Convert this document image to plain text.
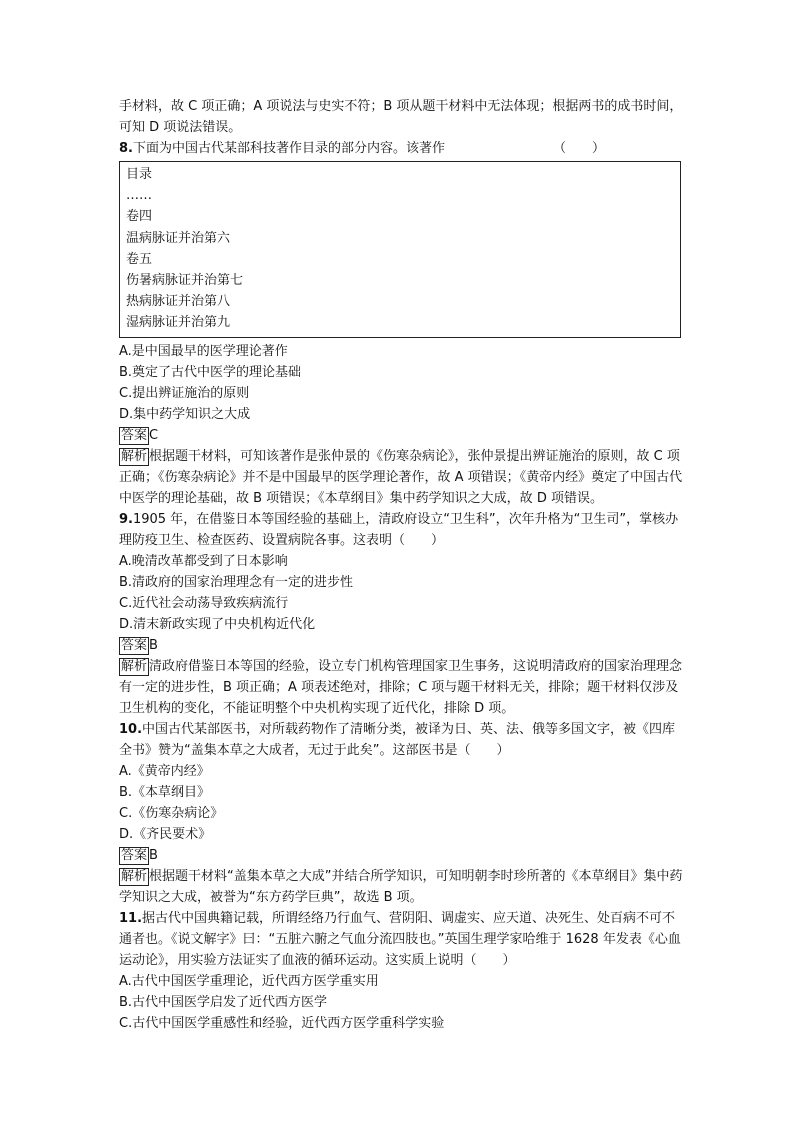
手材料，故 C 项正确；A 项说法与史实不符；B 项从题干材料中无法体现；根据两书的成书时间，

可知 D 项说法错误。

8.下面为中国古代某部科技著作目录的部分内容。该著作	（　　）

目录
……
卷四
温病脉证并治第六
卷五
伤暑病脉证并治第七
热病脉证并治第八
湿病脉证并治第九

A.是中国最早的医学理论著作

B.奠定了古代中医学的理论基础

C.提出辨证施治的原则

D.集中药学知识之大成

答案 C

解析 根据题干材料，可知该著作是张仲景的《伤寒杂病论》，张仲景提出辨证施治的原则，故 C 项正确；《伤寒杂病论》并不是中国最早的医学理论著作，故 A 项错误；《黄帝内经》奠定了中国古代中医学的理论基础，故 B 项错误；《本草纲目》集中药学知识之大成，故 D 项错误。

9.1905 年，在借鉴日本等国经验的基础上，清政府设立“卫生科”，次年升格为“卫生司”，掌核办理防疫卫生、检查医药、设置病院各事。这表明（　　）

A.晚清改革都受到了日本影响

B.清政府的国家治理理念有一定的进步性

C.近代社会动荡导致疾病流行

D.清末新政实现了中央机构近代化

答案 B

解析 清政府借鉴日本等国的经验，设立专门机构管理国家卫生事务，这说明清政府的国家治理理念有一定的进步性，B 项正确；A 项表述绝对，排除；C 项与题干材料无关，排除；题干材料仅涉及卫生机构的变化，不能证明整个中央机构实现了近代化，排除 D 项。

10.中国古代某部医书，对所载药物作了清晰分类，被译为日、英、法、俄等多国文字，被《四库全书》赞为“盖集本草之大成者，无过于此矣”。这部医书是（　　）

A.《黄帝内经》

B.《本草纲目》

C.《伤寒杂病论》

D.《齐民要术》

答案 B

解析 根据题干材料“盖集本草之大成”并结合所学知识，可知明朝李时珍所著的《本草纲目》集中药学知识之大成，被誉为“东方药学巨典”，故选 B 项。

11.据古代中国典籍记载，所谓经络乃行血气、营阴阳、调虚实、应天道、决死生、处百病不可不通者也。《说文解字》曰：“五脏六腑之气血分流四肢也。”英国生理学家哈维于 1628 年发表《心血运动论》，用实验方法证实了血液的循环运动。这实质上说明（　　）

A.古代中国医学重理论，近代西方医学重实用

B.古代中国医学启发了近代西方医学

C.古代中国医学重感性和经验，近代西方医学重科学实验
